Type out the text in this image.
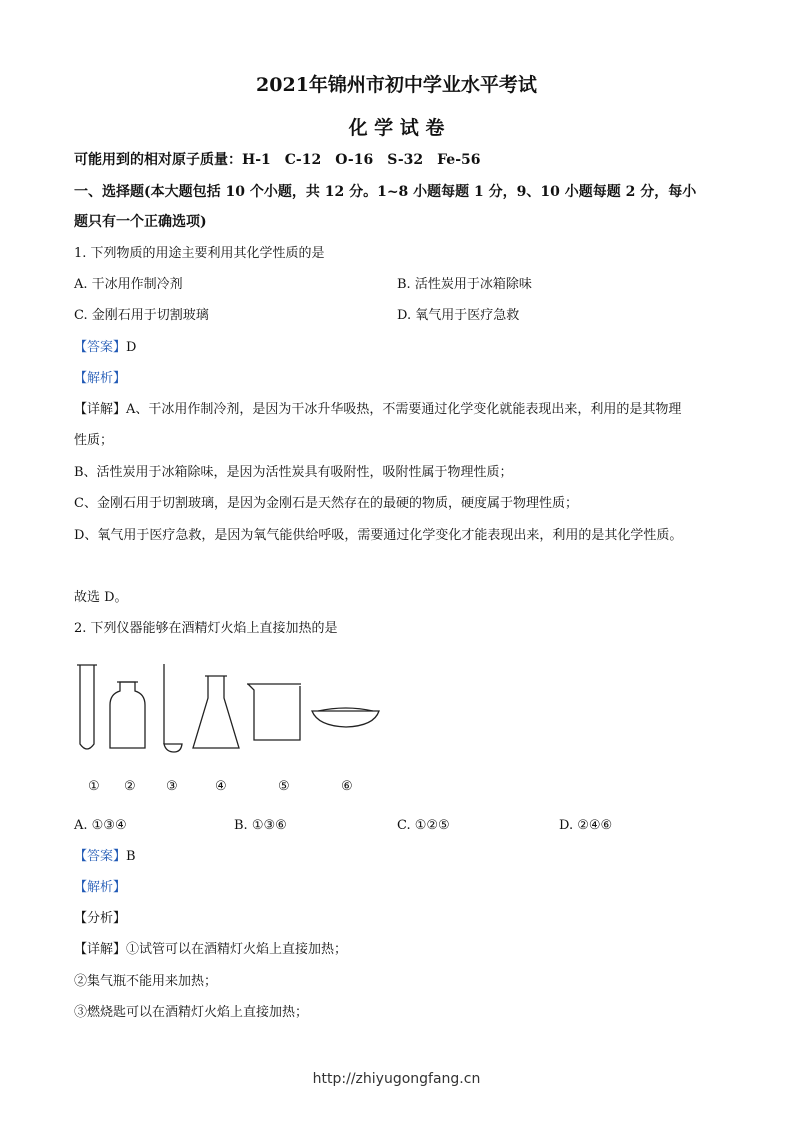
2021年锦州市初中学业水平考试
化 学 试 卷
可能用到的相对原子质量：H-1　C-12　O-16　S-32　Fe-56
一、选择题(本大题包括 10 个小题，共 12 分。1~8 小题每题 1 分，9、10 小题每题 2 分，每小
题只有一个正确选项)
1. 下列物质的用途主要利用其化学性质的是
A. 干冰用作制冷剂	B. 活性炭用于冰箱除味
C. 金刚石用于切割玻璃	D. 氧气用于医疗急救
【答案】D
【解析】
【详解】A、干冰用作制冷剂，是因为干冰升华吸热，不需要通过化学变化就能表现出来，利用的是其物理
性质；
B、活性炭用于冰箱除味，是因为活性炭具有吸附性，吸附性属于物理性质；
C、金刚石用于切割玻璃，是因为金刚石是天然存在的最硬的物质，硬度属于物理性质；
D、氧气用于医疗急救，是因为氧气能供给呼吸，需要通过化学变化才能表现出来，利用的是其化学性质。
故选 D。
2. 下列仪器能够在酒精灯火焰上直接加热的是
① ② ③	④	⑤	⑥
A. ①③④	B. ①③⑥	C. ①②⑤	D. ②④⑥
【答案】B
【解析】
【分析】
【详解】①试管可以在酒精灯火焰上直接加热；
②集气瓶不能用来加热；
③燃烧匙可以在酒精灯火焰上直接加热；
http://zhiyugongfang.cn
